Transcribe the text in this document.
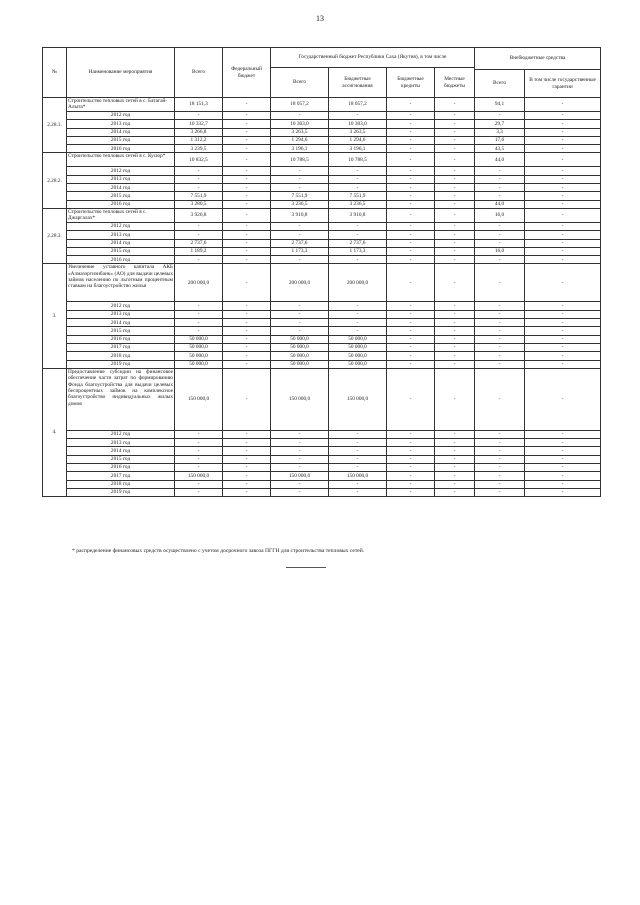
13
№	Наименование мероприятия	Всего	Федеральный бюджет	Государственный бюджет Республики Саха (Якутия), в том числе				Внебюджетные средства	
				Всего	Бюджетные ассигнования	Бюджетные кредиты	Местные бюджеты		
								Всего	В том числе государственные гарантии
2.28.1.	Строительство тепловых сетей в с. Батагай-Алыта*	18 151,3	-	18 057,2	18 057,2	-	-	94,1	-
	2012 год	-	-	-	-	-	-	-	-
	2013 год	10 332,7	-	10 303,0	10 303,0	-	-	29,7	-
	2014 год	3 266,8	-	3 263,5	3 263,5	-	-	3,3	-
	2015 год	1 312,2	-	1 294,6	1 294,6	-	-	17,6	-
	2016 год	3 239,5	-	3 196,1	3 196,1	-	-	43,5	-
2.28.2.	Строительство тепловых сетей в с. Кусюр*	10 832,5	-	10 788,5	10 788,5	-	-	44,0	-
	2012 год	-	-	-	-	-	-	-	-
	2013 год	-	-	-	-	-	-	-	-
	2014 год	-	-	-	-	-	-	-	-
	2015 год	7 551,9	-	7 551,9	7 551,9	-	-	-	-
	2016 год	3 280,5	-	3 236,5	3 236,5	-	-	44,0	-
2.28.3.	Строительство тепловых сетей в с. Джаргалах*	3 926,8	-	3 910,8	3 910,8	-	-	16,0	-
	2012 год	-	-	-	-	-	-	-	-
	2013 год	-	-	-	-	-	-	-	-
	2014 год	2 737,6	-	2 737,6	2 737,6	-	-	-	-
	2015 год	1 189,2	-	1 173,3	1 173,3	-	-	16,0	-
	2016 год	-	-	-	-	-	-	-	-
3.	Увеличение уставного капитала АКБ «Алмазэргиэнбанк» (АО) для выдачи целевых займов населению по льготным процентным ставкам на благоустройство жилья	200 000,0	-	200 000,0	200 000,0	-	-	-	-
	2012 год	-	-	-	-	-	-	-	-
	2013 год	-	-	-	-	-	-	-	-
	2014 год	-	-	-	-	-	-	-	-
	2015 год	-	-	-	-	-	-	-	-
	2016 год	50 000,0	-	50 000,0	50 000,0	-	-	-	-
	2017 год	50 000,0	-	50 000,0	50 000,0	-	-	-	-
	2018 год	50 000,0	-	50 000,0	50 000,0	-	-	-	-
	2019 год	50 000,0	-	50 000,0	50 000,0	-	-	-	-
4.	Предоставление субсидии на финансовое обеспечение части затрат по формированию Фонда благоустройства для выдачи целевых беспроцентных займов на комплексное благоустройство индивидуальных жилых домов	150 000,0	-	150 000,0	150 000,0	-	-	-	-
	2012 год	-	-	-	-	-	-	-	-
	2013 год	-	-	-	-	-	-	-	-
	2014 год	-	-	-	-	-	-	-	-
	2015 год	-	-	-	-	-	-	-	-
	2016 год	-	-	-	-	-	-	-	-
	2017 год	150 000,0	-	150 000,0	150 000,0	-	-	-	-
	2018 год	-	-	-	-	-	-	-	-
	2019 год	-	-	-	-	-	-	-	-
* распределение финансовых средств осуществлено с учетом досрочного завоза ПГГН для строительства тепловых сетей.
